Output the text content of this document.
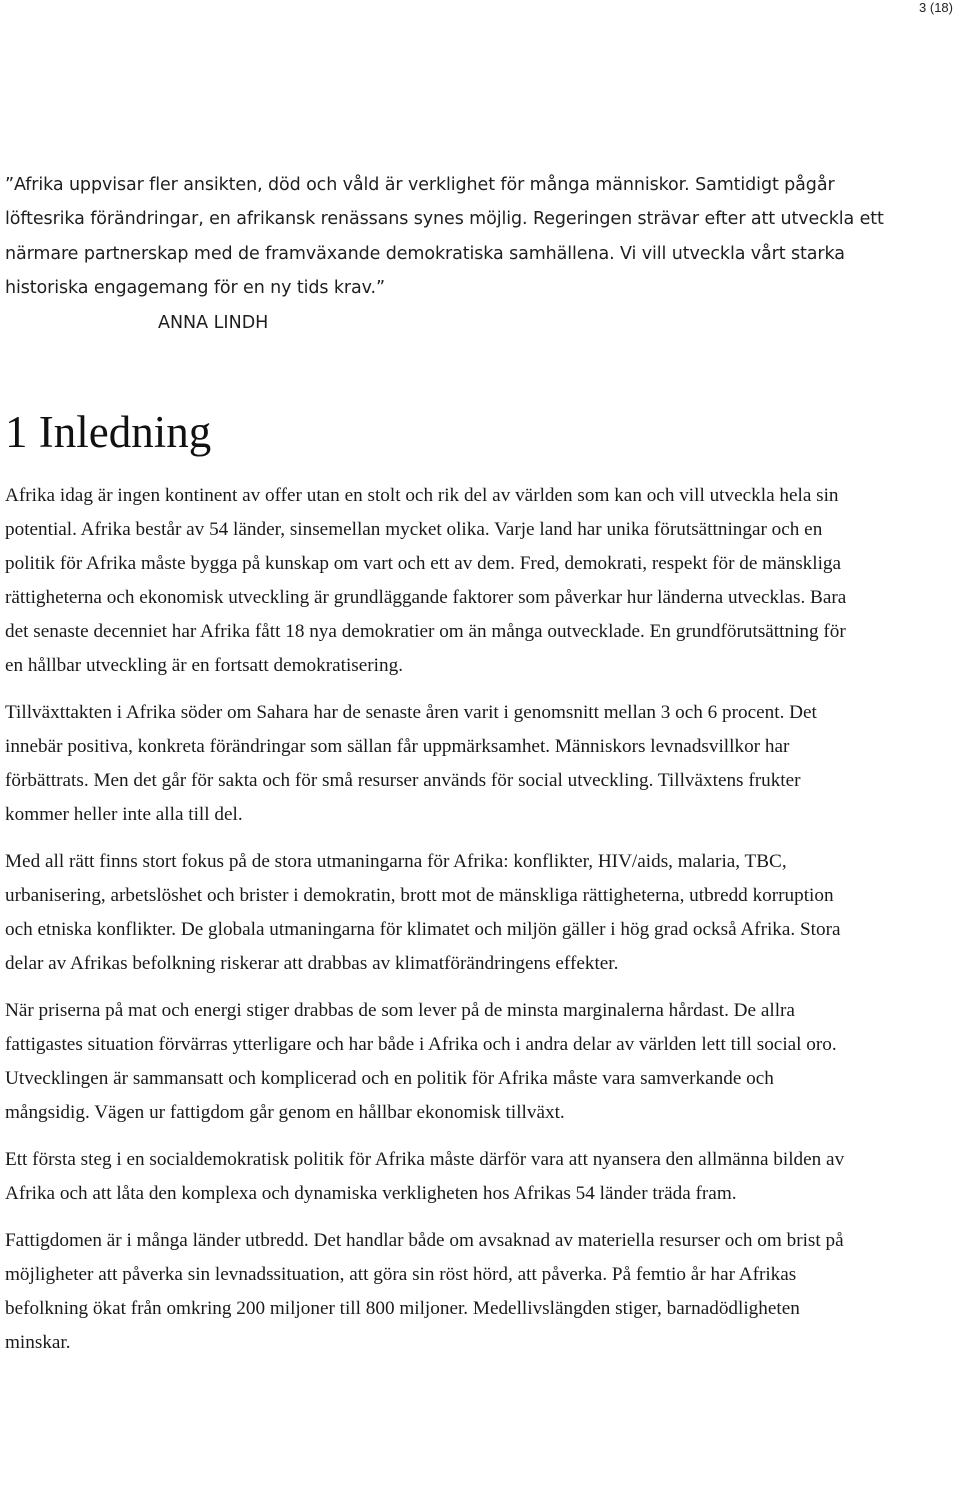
3 (18)

”Afrika uppvisar fler ansikten, död och våld är verklighet för många människor. Samtidigt pågår löftesrika förändringar, en afrikansk renässans synes möjlig. Regeringen strävar efter att utveckla ett närmare partnerskap med de framväxande demokratiska samhällena. Vi vill utveckla vårt starka historiska engagemang för en ny tids krav.”

ANNA LINDH

1 Inledning

Afrika idag är ingen kontinent av offer utan en stolt och rik del av världen som kan och vill utveckla hela sin potential. Afrika består av 54 länder, sinsemellan mycket olika. Varje land har unika förutsättningar och en politik för Afrika måste bygga på kunskap om vart och ett av dem. Fred, demokrati, respekt för de mänskliga rättigheterna och ekonomisk utveckling är grundläggande faktorer som påverkar hur länderna utvecklas. Bara det senaste decenniet har Afrika fått 18 nya demokratier om än många outvecklade. En grundförutsättning för en hållbar utveckling är en fortsatt demokratisering.

Tillväxttakten i Afrika söder om Sahara har de senaste åren varit i genomsnitt mellan 3 och 6 procent. Det innebär positiva, konkreta förändringar som sällan får uppmärksamhet. Människors levnadsvillkor har förbättrats. Men det går för sakta och för små resurser används för social utveckling. Tillväxtens frukter kommer heller inte alla till del.

Med all rätt finns stort fokus på de stora utmaningarna för Afrika: konflikter, HIV/aids, malaria, TBC, urbanisering, arbetslöshet och brister i demokratin, brott mot de mänskliga rättigheterna, utbredd korruption och etniska konflikter. De globala utmaningarna för klimatet och miljön gäller i hög grad också Afrika. Stora delar av Afrikas befolkning riskerar att drabbas av klimatförändringens effekter.

När priserna på mat och energi stiger drabbas de som lever på de minsta marginalerna hårdast. De allra fattigastes situation förvärras ytterligare och har både i Afrika och i andra delar av världen lett till social oro. Utvecklingen är sammansatt och komplicerad och en politik för Afrika måste vara samverkande och mångsidig. Vägen ur fattigdom går genom en hållbar ekonomisk tillväxt.

Ett första steg i en socialdemokratisk politik för Afrika måste därför vara att nyansera den allmänna bilden av Afrika och att låta den komplexa och dynamiska verkligheten hos Afrikas 54 länder träda fram.

Fattigdomen är i många länder utbredd. Det handlar både om avsaknad av materiella resurser och om brist på möjligheter att påverka sin levnadssituation, att göra sin röst hörd, att påverka. På femtio år har Afrikas befolkning ökat från omkring 200 miljoner till 800 miljoner. Medellivslängden stiger, barnadödligheten minskar.
